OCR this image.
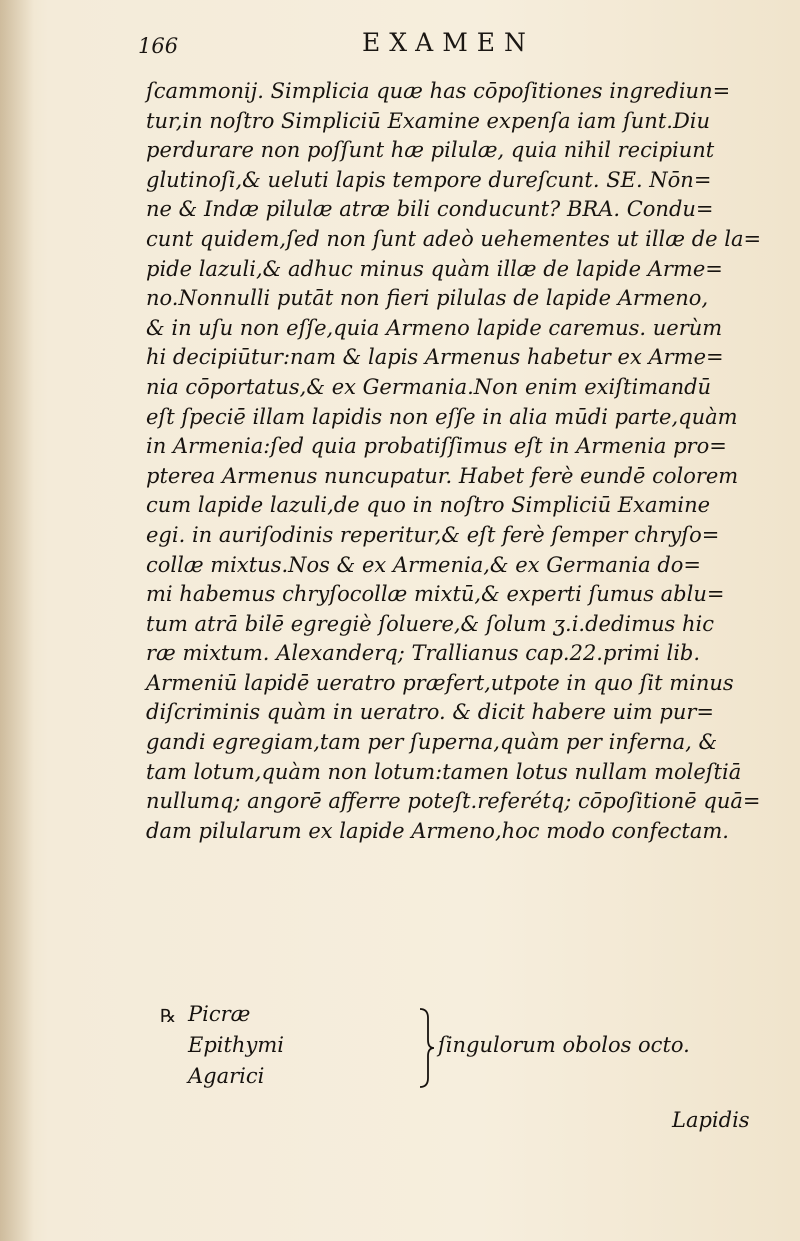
166	EXAMEN
ſcammonij. Simplicia quæ has cōpoſitiones ingrediun=
tur,in noſtro Simpliciū Examine expenſa iam ſunt.Diu
perdurare non poſſunt hæ pilulæ, quia nihil recipiunt
glutinoſi,& ueluti lapis tempore dureſcunt. SE. Nōn=
ne & Indæ pilulæ atræ bili conducunt? BRA. Condu=
cunt quidem,ſed non ſunt adeò uehementes ut illæ de la=
pide lazuli,& adhuc minus quàm illæ de lapide Arme=
no.Nonnulli putāt non fieri pilulas de lapide Armeno,
& in uſu non eſſe,quia Armeno lapide caremus. uerùm
hi decipiūtur:nam & lapis Armenus habetur ex Arme=
nia cōportatus,& ex Germania.Non enim exiſtimandū
eſt ſpeciē illam lapidis non eſſe in alia mūdi parte,quàm
in Armenia:ſed quia probatiſſimus eſt in Armenia pro=
pterea Armenus nuncupatur. Habet ferè eundē colorem
cum lapide lazuli,de quo in noſtro Simpliciū Examine
egi. in auriſodinis reperitur,& eſt ferè ſemper chryſo=
collæ mixtus.Nos & ex Armenia,& ex Germania do=
mi habemus chryſocollæ mixtū,& experti ſumus ablu=
tum atrā bilē egregiè ſoluere,& ſolum ʒ.i.dedimus hic
ræ mixtum. Alexanderq; Trallianus cap.22.primi lib.
Armeniū lapidē ueratro præfert,utpote in quo ſit minus
diſcriminis quàm in ueratro. & dicit habere uim pur=
gandi egregiam,tam per ſuperna,quàm per inferna, &
tam lotum,quàm non lotum:tamen lotus nullam moleſtiā
nullumq; angorē afferre poteſt.referétq; cōpoſitionē quā=
dam pilularum ex lapide Armeno,hoc modo confectam.
℞ Picræ
Epithymi
Agarici
ſingulorum obolos octo.
Lapidis
